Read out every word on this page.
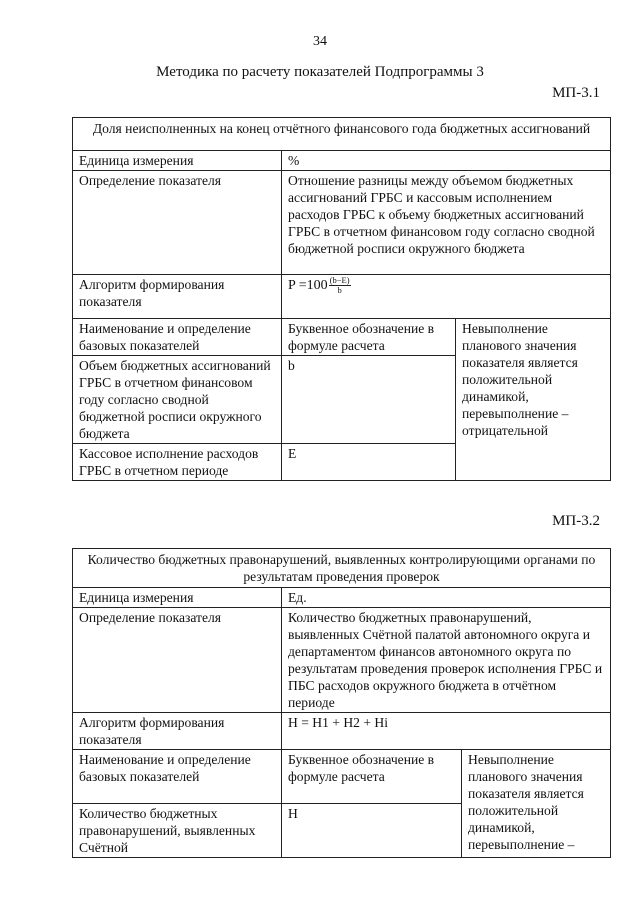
34
Методика по расчету показателей Подпрограммы 3
МП-3.1
Доля неисполненных на конец отчётного финансового года бюджетных ассигнований		
Единица измерения	%	
Определение показателя	Отношение разницы между объемом бюджетных ассигнований ГРБС и кассовым исполнением расходов ГРБС к объему бюджетных ассигнований ГРБС в отчетном финансовом году согласно сводной бюджетной росписи окружного бюджета	
Алгоритм формирования показателя	$P =100 \frac{(b-E)}{b}$

Наименование и определение базовых показателей	Буквенное обозначение в формуле расчета	Невыполнение планового значения показателя является положительной динамикой, перевыполнение – отрицательной
Объем бюджетных ассигнований ГРБС в отчетном финансовом году согласно сводной бюджетной росписи окружного бюджета	b	
Кассовое исполнение расходов ГРБС в отчетном периоде	E	
МП-3.2
Количество бюджетных правонарушений, выявленных контролирующими органами по результатам проведения проверок		
Единица измерения	Ед.	
Определение показателя	Количество бюджетных правонарушений, выявленных Счётной палатой автономного округа и департаментом финансов автономного округа по результатам проведения проверок исполнения ГРБС и ПБС расходов окружного бюджета в отчётном периоде	
Алгоритм формирования показателя	Н = Н1 + Н2 + Нi	
Наименование и определение базовых показателей	Буквенное обозначение в формуле расчета	Невыполнение планового значения показателя является положительной динамикой, перевыполнение –
Количество бюджетных правонарушений, выявленных Счётной	Н	
